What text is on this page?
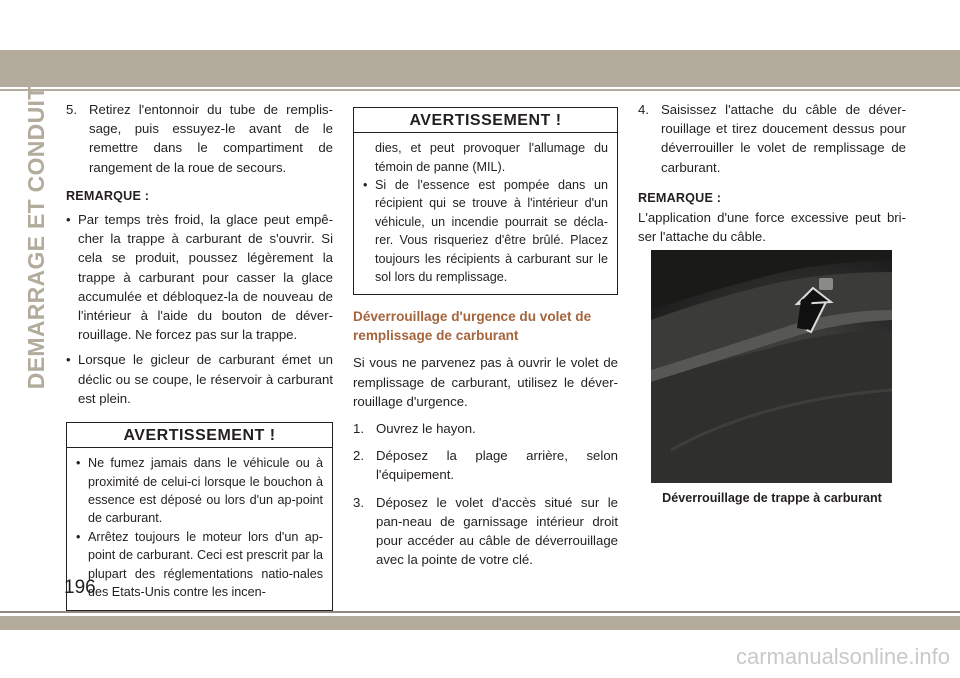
DEMARRAGE ET CONDUITE 5. Retirez l'entonnoir du tube de remplis-sage, puis essuyez-le avant de le remettre dans le compartiment de rangement de la roue de secours.
REMARQUE :
• Par temps très froid, la glace peut empê-cher la trappe à carburant de s'ouvrir. Si cela se produit, poussez légèrement la trappe à carburant pour casser la glace accumulée et débloquez-la de nouveau de l'intérieur à l'aide du bouton de déver-rouillage. Ne forcez pas sur la trappe.
• Lorsque le gicleur de carburant émet un déclic ou se coupe, le réservoir à carburant est plein.
AVERTISSEMENT !
• Ne fumez jamais dans le véhicule ou à proximité de celui-ci lorsque le bouchon à essence est déposé ou lors d'un ap-point de carburant.
• Arrêtez toujours le moteur lors d'un ap-point de carburant. Ceci est prescrit par la plupart des réglementations natio-nales des Etats-Unis contre les incen-
AVERTISSEMENT !
dies, et peut provoquer l'allumage du témoin de panne (MIL).
• Si de l'essence est pompée dans un récipient qui se trouve à l'intérieur d'un véhicule, un incendie pourrait se décla-rer. Vous risqueriez d'être brûlé. Placez toujours les récipients à carburant sur le sol lors du remplissage.
Déverrouillage d'urgence du volet de remplissage de carburant

Si vous ne parvenez pas à ouvrir le volet de remplissage de carburant, utilisez le déver-rouillage d'urgence.

1. Ouvrez le hayon.
2. Déposez la plage arrière, selon l'équipement.
3. Déposez le volet d'accès situé sur le pan-neau de garnissage intérieur droit pour accéder au câble de déverrouillage avec la pointe de votre clé.
4. Saisissez l'attache du câble de déver-rouillage et tirez doucement dessus pour déverrouiller le volet de remplissage de carburant.
REMARQUE :

L'application d'une force excessive peut bri-ser l'attache du câble.

Déverrouillage de trappe à carburant
196
carmanualsonline.info
